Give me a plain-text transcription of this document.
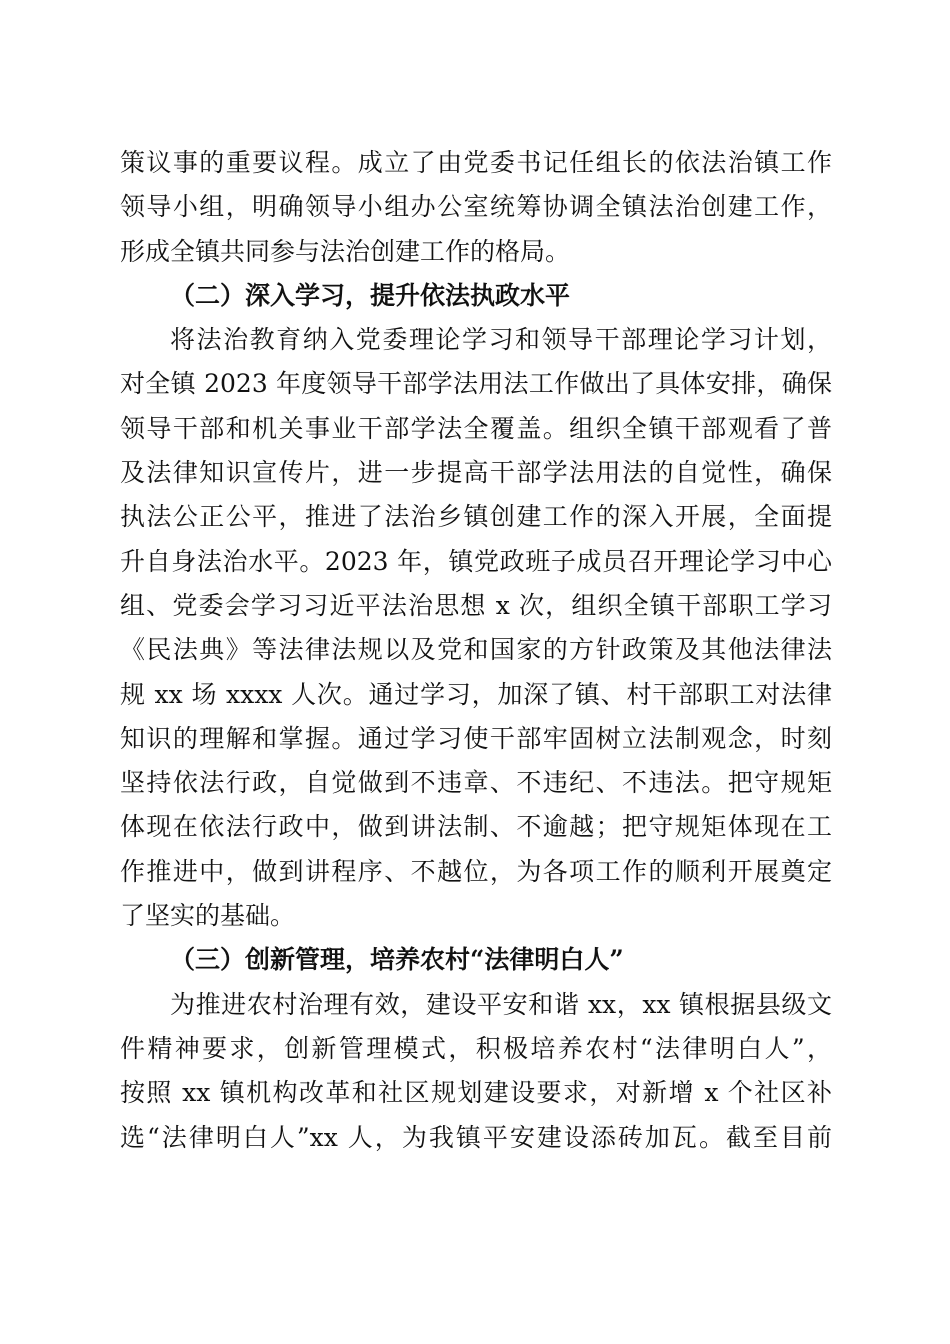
策议事的重要议程。成立了由党委书记任组长的依法治镇工作
领导小组，明确领导小组办公室统筹协调全镇法治创建工作，
形成全镇共同参与法治创建工作的格局。
（二）深入学习，提升依法执政水平
将法治教育纳入党委理论学习和领导干部理论学习计划，
对全镇 2023 年度领导干部学法用法工作做出了具体安排，确保
领导干部和机关事业干部学法全覆盖。组织全镇干部观看了普
及法律知识宣传片，进一步提高干部学法用法的自觉性，确保
执法公正公平，推进了法治乡镇创建工作的深入开展，全面提
升自身法治水平。2023 年，镇党政班子成员召开理论学习中心
组、党委会学习习近平法治思想 x 次，组织全镇干部职工学习
《民法典》等法律法规以及党和国家的方针政策及其他法律法
规 xx 场 xxxx 人次。通过学习，加深了镇、村干部职工对法律
知识的理解和掌握。通过学习使干部牢固树立法制观念，时刻
坚持依法行政，自觉做到不违章、不违纪、不违法。把守规矩
体现在依法行政中，做到讲法制、不逾越；把守规矩体现在工
作推进中，做到讲程序、不越位，为各项工作的顺利开展奠定
了坚实的基础。
（三）创新管理，培养农村“法律明白人”
为推进农村治理有效，建设平安和谐 xx，xx 镇根据县级文
件精神要求，创新管理模式，积极培养农村“法律明白人”，
按照 xx 镇机构改革和社区规划建设要求，对新增 x 个社区补
选“法律明白人”xx 人，为我镇平安建设添砖加瓦。截至目前
